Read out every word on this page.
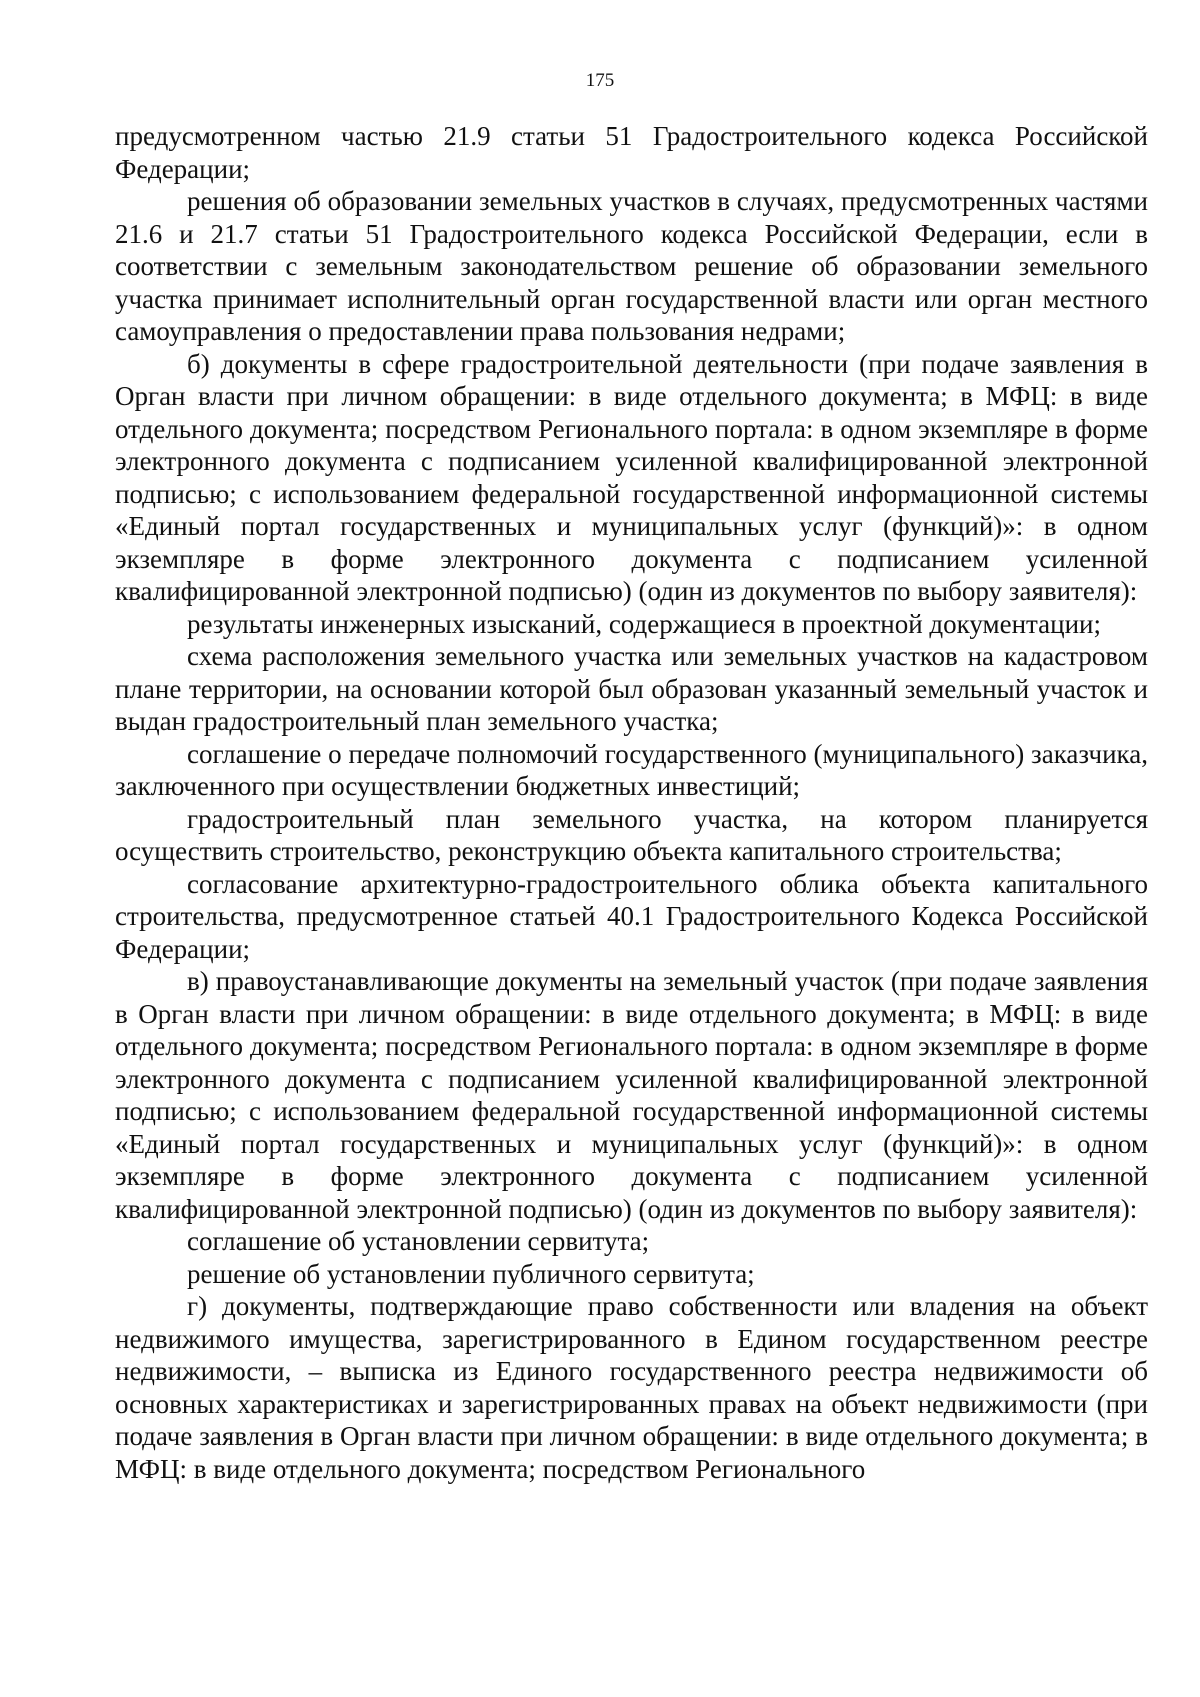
175

предусмотренном частью 21.9 статьи 51 Градостроительного кодекса Российской Федерации;

решения об образовании земельных участков в случаях, предусмотренных частями 21.6 и 21.7 статьи 51 Градостроительного кодекса Российской Федерации, если в соответствии с земельным законодательством решение об образовании земельного участка принимает исполнительный орган государственной власти или орган местного самоуправления о предоставлении права пользования недрами;

б) документы в сфере градостроительной деятельности (при подаче заявления в Орган власти при личном обращении: в виде отдельного документа; в МФЦ: в виде отдельного документа; посредством Регионального портала: в одном экземпляре в форме электронного документа с подписанием усиленной квалифицированной электронной подписью; с использованием федеральной государственной информационной системы «Единый портал государственных и муниципальных услуг (функций)»: в одном экземпляре в форме электронного документа с подписанием усиленной квалифицированной электронной подписью) (один из документов по выбору заявителя):

результаты инженерных изысканий, содержащиеся в проектной документации;

схема расположения земельного участка или земельных участков на кадастровом плане территории, на основании которой был образован указанный земельный участок и выдан градостроительный план земельного участка;

соглашение о передаче полномочий государственного (муниципального) заказчика, заключенного при осуществлении бюджетных инвестиций;

градостроительный план земельного участка, на котором планируется осуществить строительство, реконструкцию объекта капитального строительства;

согласование архитектурно-градостроительного облика объекта капитального строительства, предусмотренное статьей 40.1 Градостроительного Кодекса Российской Федерации;

в) правоустанавливающие документы на земельный участок (при подаче заявления в Орган власти при личном обращении: в виде отдельного документа; в МФЦ: в виде отдельного документа; посредством Регионального портала: в одном экземпляре в форме электронного документа с подписанием усиленной квалифицированной электронной подписью; с использованием федеральной государственной информационной системы «Единый портал государственных и муниципальных услуг (функций)»: в одном экземпляре в форме электронного документа с подписанием усиленной квалифицированной электронной подписью) (один из документов по выбору заявителя):

соглашение об установлении сервитута;

решение об установлении публичного сервитута;

г) документы, подтверждающие право собственности или владения на объект недвижимого имущества, зарегистрированного в Едином государственном реестре недвижимости, – выписка из Единого государственного реестра недвижимости об основных характеристиках и зарегистрированных правах на объект недвижимости (при подаче заявления в Орган власти при личном обращении: в виде отдельного документа; в МФЦ: в виде отдельного документа; посредством Регионального
